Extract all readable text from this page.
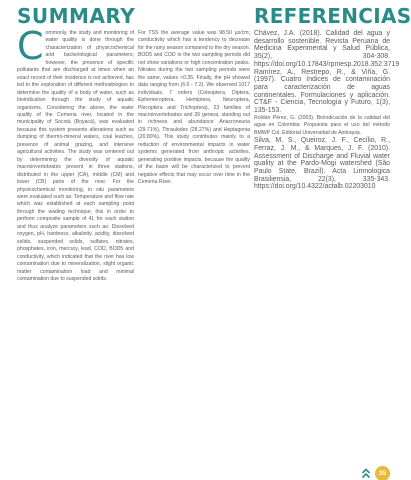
SUMMARY	REFERENCIAS
C ommonly, the study and monitoring of water quality is done through the characterization of physicochemical and bacteriological parameters; however, the presence of specific pollutants that are discharged at times when an exact record of their incidence is not achieved, has led to the exploration of different methodologies to determine the quality of a body of water, such as bioindication through the study of aquatic organisms. Considering the above, the water quality of the Cemeria river, located in the municipality of Socotá (Boyacá), was evaluated because this system presents alterations such as dumping of thermo-mineral waters, coal leaches, presence of animal grazing, and intensive agricultural activities. The study was centered out by determining the diversity of aquatic macroinvertebrates present in three stations, distributed in the upper (CA), middle (CM) and lower (CB) parts of the river. For the physicochemical monitoring, in situ parameters were evaluated such as: Temperature and flow rate which was established at each sampling point through the wading technique; this in order to perform composite sample of 4L for each station and thus analyze parameters such as: Dissolved oxygen, pH, hardness, alkalinity, acidity, dissolved solids, suspended solids, sulfates, nitrates, phosphates, iron, mercury, lead, COD, BOD5 and conductivity, which indicated that the river has low contamination due to mineralization, slight organic matter contamination load and minimal contamination due to suspended solids.
For TSS the average value was 98.50 µs/cm; conductivity which has a tendency to decrease for the rainy season compared to the dry season. BOD5 and COD in the two sampling periods did not show variations or high concentration peaks. Nitrates during the two sampling periods were the same, values <0.35. Finally, the pH showed data ranging from (6.6 - 7.2). We observed 1017 individuals, 7 orders (Coleoptera, Diptera, Ephemeroptera, Hemiptera, Neuroptera, Plecoptera and Trichoptera), 23 families of macroinvertebrates and 26 genera, standing out in richness and abundance Anacroneuria (29.71%), Thraulodes (28.27%) and Heptagenia (20.80%). This study contributes mainly to a reduction of environmental impacts in water systems generated from anthropic activities, generating positive impacts, because the quality of the basin will be characterized to prevent negative effects that may occur over time in the Cemeria River.

Chávez, J.A. (2018). Calidad del agua y desarrollo sostenible. Revista Peruana de Medicina Experimental y Salud Pública, 35(2), 304-308. https://doi.org/10.17843/rpmesp.2018.352.3719

Ramírez, A., Restrepo, R., & Viña, G. (1997). Cuatro índices de contaminación para caracterización de aguas continentales. Formulaciones y aplicación. CT&F - Ciencia, Tecnología y Futuro, 1(3), 135-153.

Roldán Pérez, G. (2003). Bioindicación de la calidad del agua en Colombia: Propuesta para el uso del método BMWP Col. Editorial Universidad de Antioquia.

Silva, M. S., Queiroz, J. F., Cecílio, R., Ferraz, J. M., & Marques, J. F. (2010). Assessment of Discharge and Fluvial water quality at the Pardo-Mogi watershed (São Paulo State, Brazil). Acta Limnologica Brasiliensia, 22(3), 335-343. https://doi.org/10.4322/actalb.02203010

35
